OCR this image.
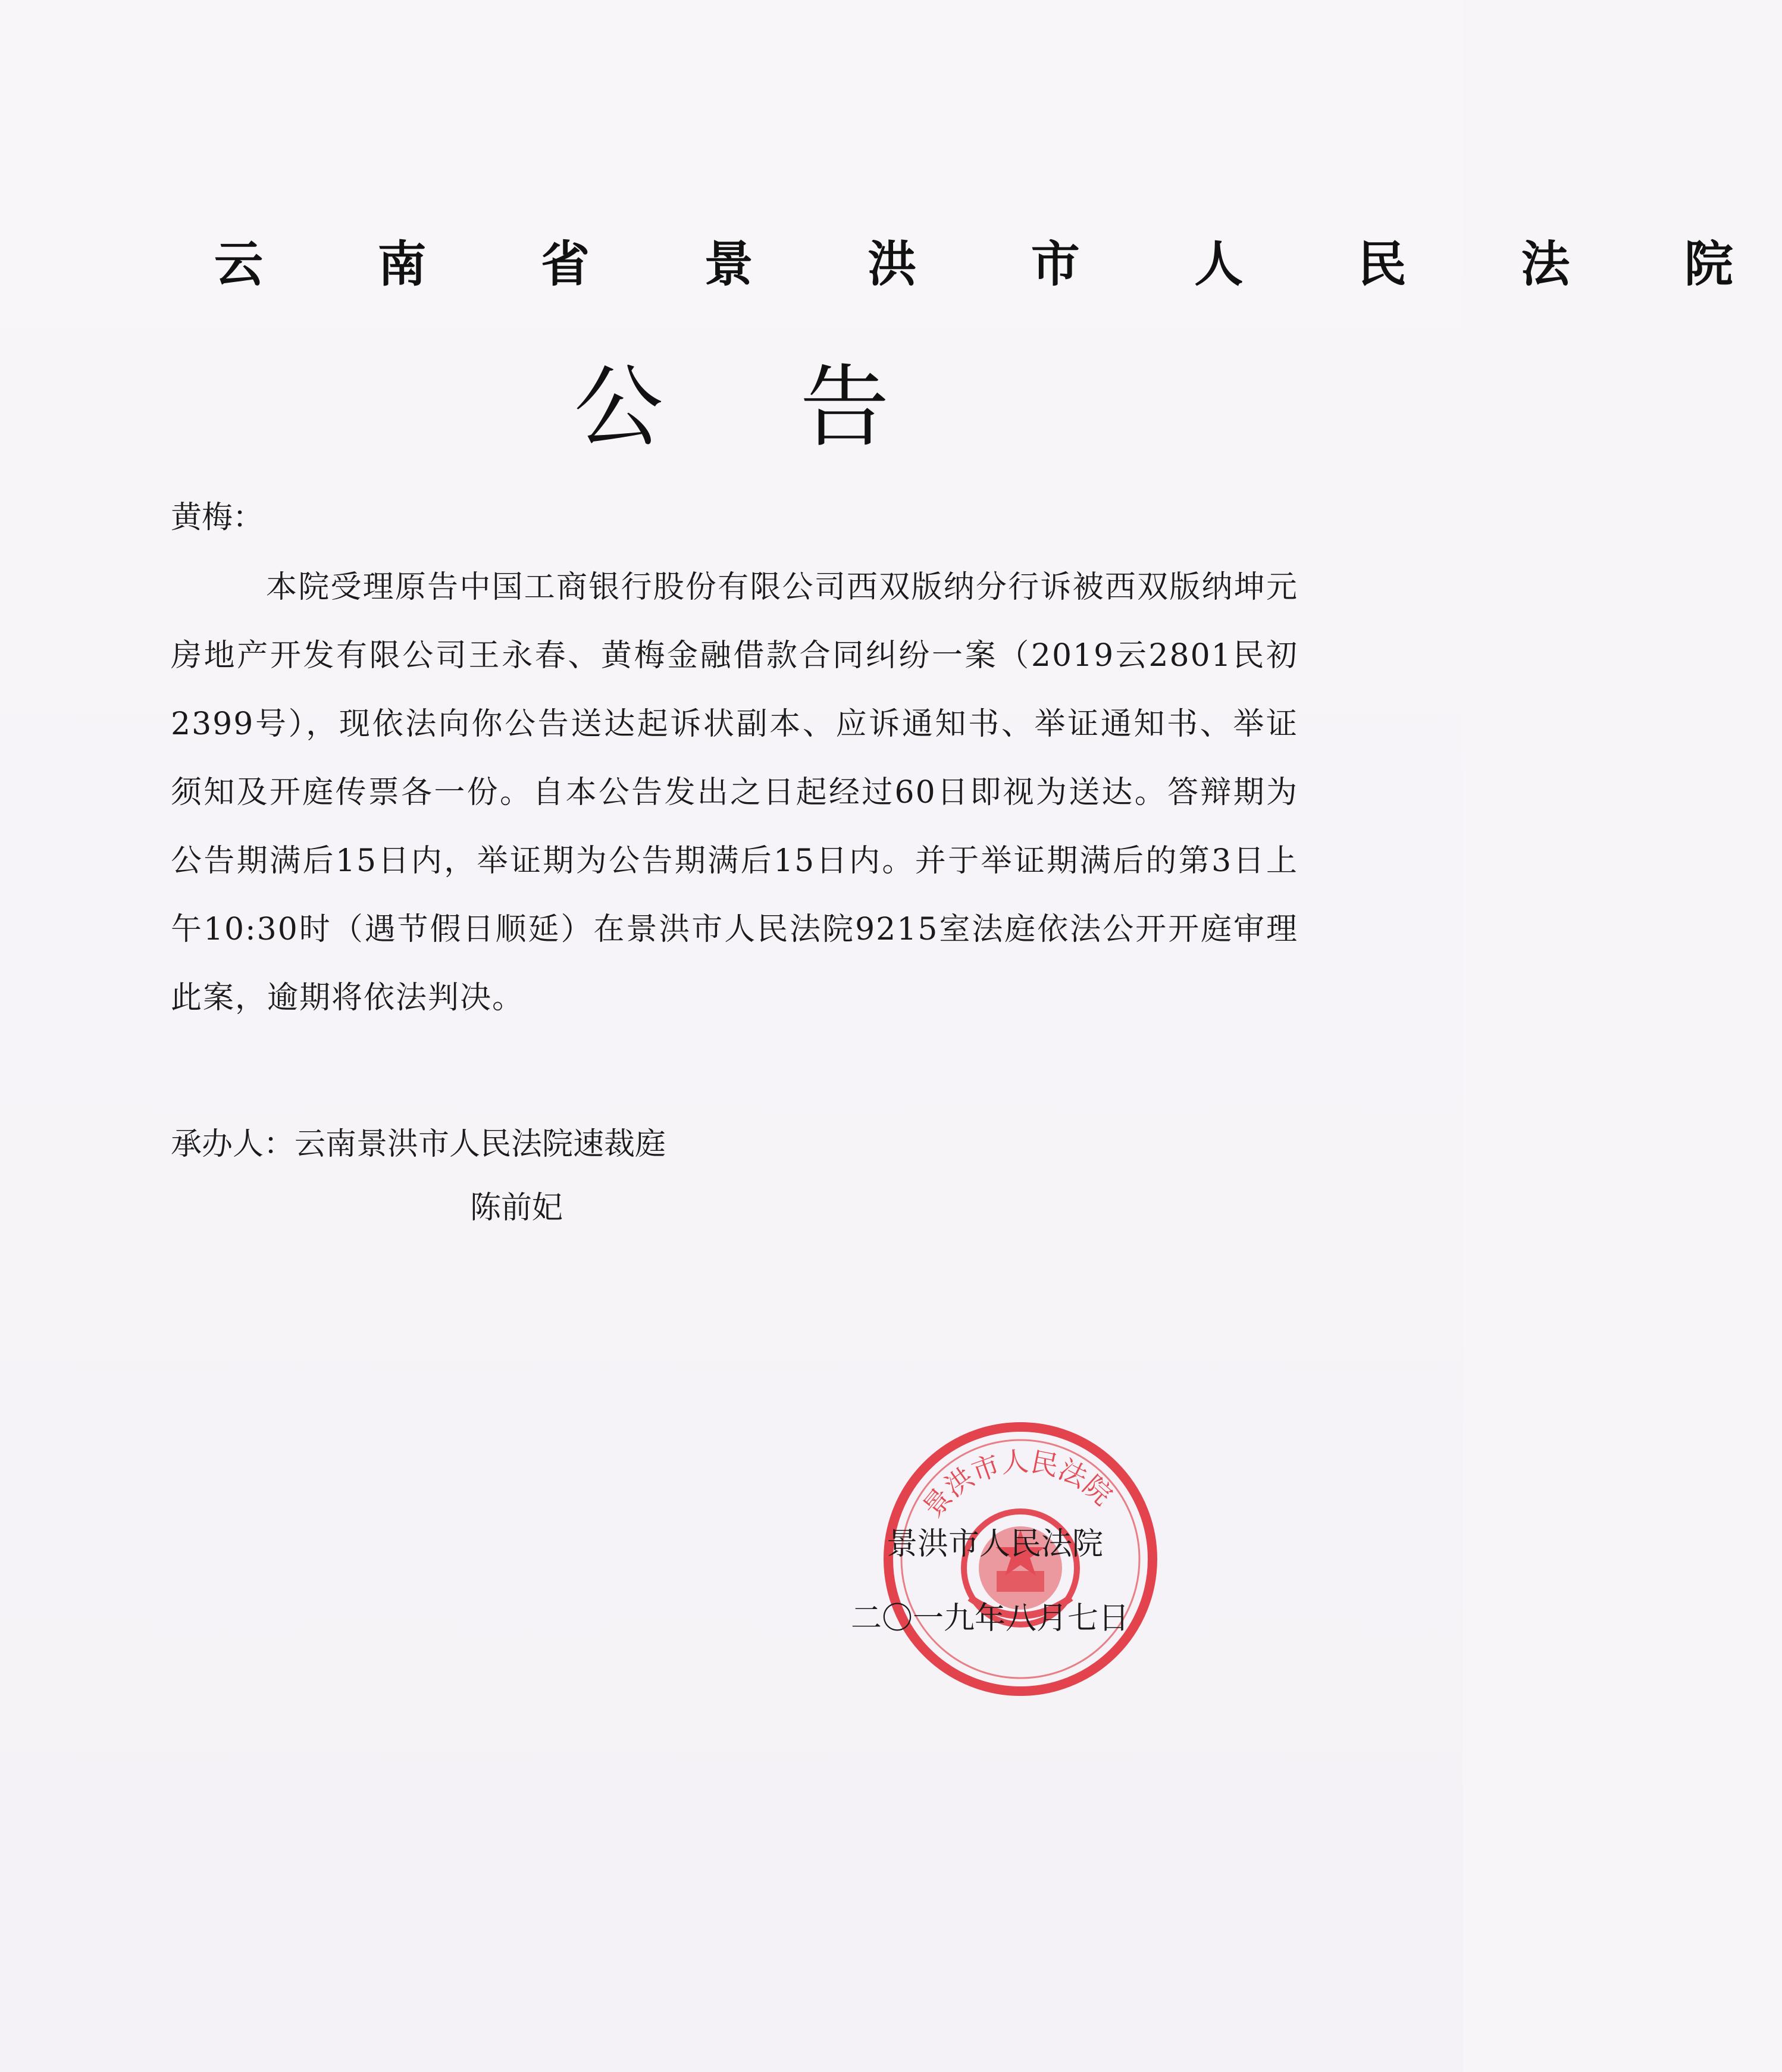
云 南 省 景 洪 市 人 民 法 院
公告
黄梅：
本院受理原告中国工商银行股份有限公司西双版纳分行诉被西双版纳坤元房地产开发有限公司王永春、黄梅金融借款合同纠纷一案（2019云2801民初2399号），现依法向你公告送达起诉状副本、应诉通知书、举证通知书、举证须知及开庭传票各一份。自本公告发出之日起经过60日即视为送达。答辩期为公告期满后15日内，举证期为公告期满后15日内。并于举证期满后的第3日上午10:30时（遇节假日顺延）在景洪市人民法院9215室法庭依法公开开庭审理此案，逾期将依法判决。
承办人：云南景洪市人民法院速裁庭
陈前妃
景洪市人民法院
景洪市人民法院
二〇一九年八月七日
